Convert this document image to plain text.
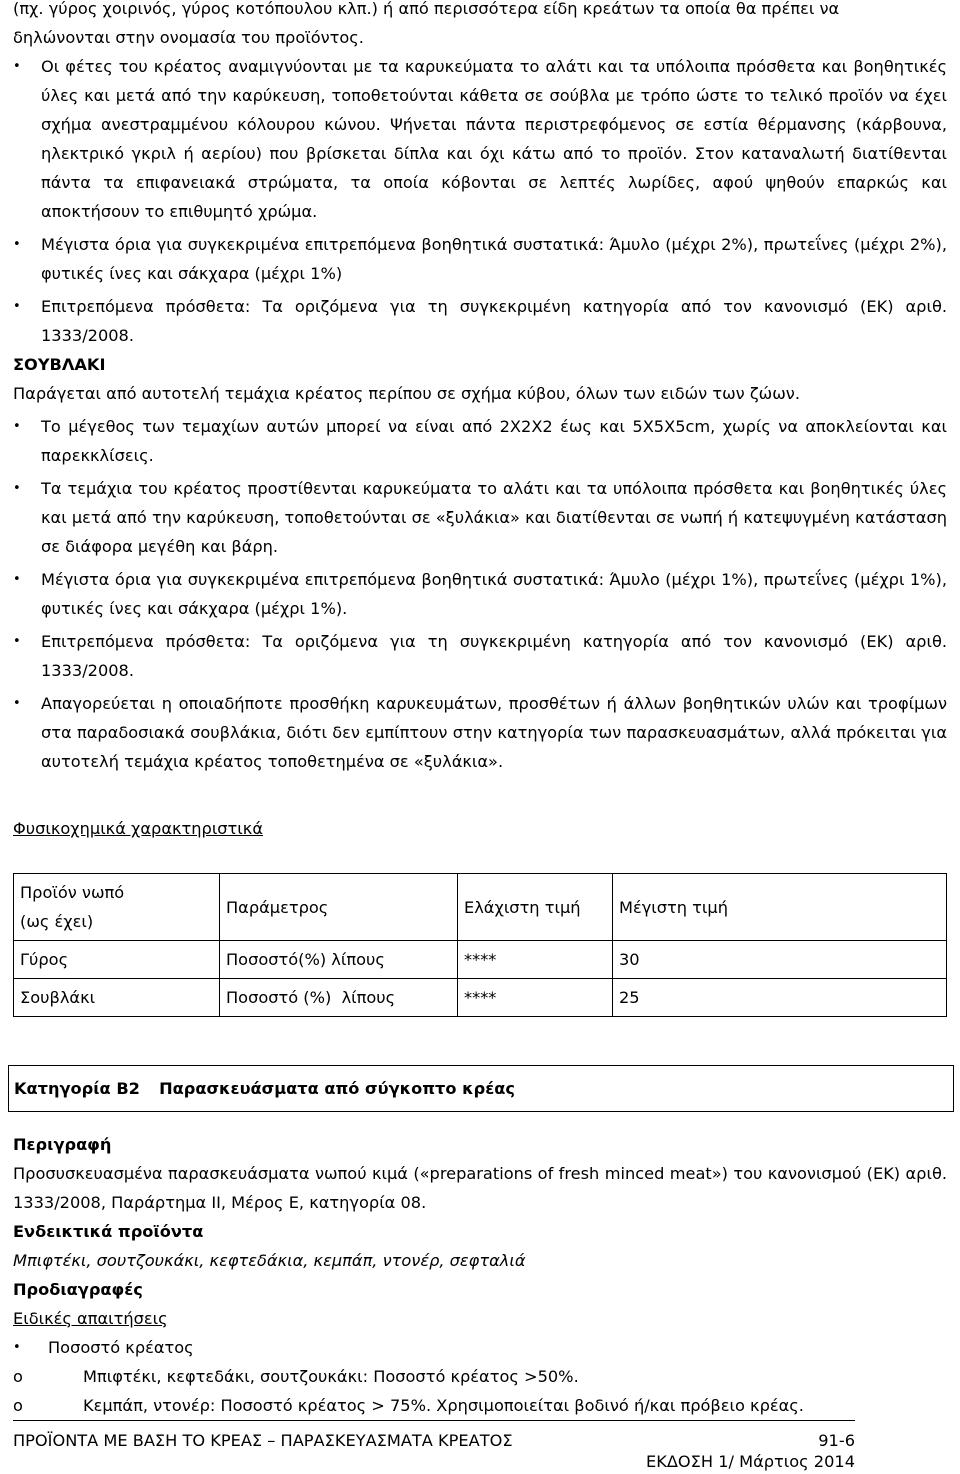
(πχ. γύρος χοιρινός, γύρος κοτόπουλου κλπ.) ή από περισσότερα είδη κρεάτων τα οποία θα πρέπει να

δηλώνονται στην ονομασία του προϊόντος.

•	Οι φέτες του κρέατος αναμιγνύονται με τα καρυκεύματα το αλάτι και τα υπόλοιπα πρόσθετα και βοηθητικές ύλες και μετά από την καρύκευση, τοποθετούνται κάθετα σε σούβλα με τρόπο ώστε το τελικό προϊόν να έχει σχήμα ανεστραμμένου κόλουρου κώνου. Ψήνεται πάντα περιστρεφόμενος σε εστία θέρμανσης (κάρβουνα, ηλεκτρικό γκριλ ή αερίου) που βρίσκεται δίπλα και όχι κάτω από το προϊόν. Στον καταναλωτή διατίθενται πάντα τα επιφανειακά στρώματα, τα οποία κόβονται σε λεπτές λωρίδες, αφού ψηθούν επαρκώς και αποκτήσουν το επιθυμητό χρώμα.
•	Μέγιστα όρια για συγκεκριμένα επιτρεπόμενα βοηθητικά συστατικά: Άμυλο (μέχρι 2%), πρωτεΐνες (μέχρι 2%), φυτικές ίνες και σάκχαρα (μέχρι 1%)
•	Επιτρεπόμενα πρόσθετα: Τα οριζόμενα για τη συγκεκριμένη κατηγορία από τον κανονισμό (ΕΚ) αριθ. 1333/2008.

ΣΟΥΒΛΑΚΙ

Παράγεται από αυτοτελή τεμάχια κρέατος περίπου σε σχήμα κύβου, όλων των ειδών των ζώων.

•	Το μέγεθος των τεμαχίων αυτών μπορεί να είναι από 2Χ2Χ2 έως και 5Χ5Χ5cm, χωρίς να αποκλείονται και παρεκκλίσεις.
•	Τα τεμάχια του κρέατος προστίθενται καρυκεύματα το αλάτι και τα υπόλοιπα πρόσθετα και βοηθητικές ύλες και μετά από την καρύκευση, τοποθετούνται σε «ξυλάκια» και διατίθενται σε νωπή ή κατεψυγμένη κατάσταση σε διάφορα μεγέθη και βάρη.
•	Μέγιστα όρια για συγκεκριμένα επιτρεπόμενα βοηθητικά συστατικά: Άμυλο (μέχρι 1%), πρωτεΐνες (μέχρι 1%), φυτικές ίνες και σάκχαρα (μέχρι 1%).
•	Επιτρεπόμενα πρόσθετα: Τα οριζόμενα για τη συγκεκριμένη κατηγορία από τον κανονισμό (ΕΚ) αριθ. 1333/2008.
•	Απαγορεύεται η οποιαδήποτε προσθήκη καρυκευμάτων, προσθέτων ή άλλων βοηθητικών υλών και τροφίμων στα παραδοσιακά σουβλάκια, διότι δεν εμπίπτουν στην κατηγορία των παρασκευασμάτων, αλλά πρόκειται για αυτοτελή τεμάχια κρέατος τοποθετημένα σε «ξυλάκια».

Φυσικοχημικά χαρακτηριστικά

Προϊόν νωπό
(ως έχει)	Παράμετρος	Ελάχιστη τιμή	Μέγιστη τιμή
Γύρος	Ποσοστό(%) λίπους	****	30
Σουβλάκι	Ποσοστό (%)  λίπους	****	25
Κατηγορία Β2 Παρασκευάσματα από σύγκοπτο κρέας

Περιγραφή

Προσυσκευασμένα παρασκευάσματα νωπού κιμά («preparations of fresh minced meat») του κανονισμού (ΕΚ) αριθ. 1333/2008, Παράρτημα ΙΙ, Μέρος Ε, κατηγορία 08.

Ενδεικτικά προϊόντα

Μπιφτέκι, σουτζουκάκι, κεφτεδάκια, κεμπάπ, ντονέρ, σεφταλιά

Προδιαγραφές

Ειδικές απαιτήσεις

•	Ποσοστό κρέατος
o	Μπιφτέκι, κεφτεδάκι, σουτζουκάκι: Ποσοστό κρέατος >50%.
o	Κεμπάπ, ντονέρ: Ποσοστό κρέατος > 75%. Χρησιμοποιείται βοδινό ή/και πρόβειο κρέας.
ΠΡΟΪΟΝΤΑ ΜΕ ΒΑΣΗ ΤΟ ΚΡΕΑΣ – ΠΑΡΑΣΚΕΥΑΣΜΑΤΑ ΚΡΕΑΤΟΣ	91-6
ΕΚΔΟΣΗ 1/ Μάρτιος 2014
